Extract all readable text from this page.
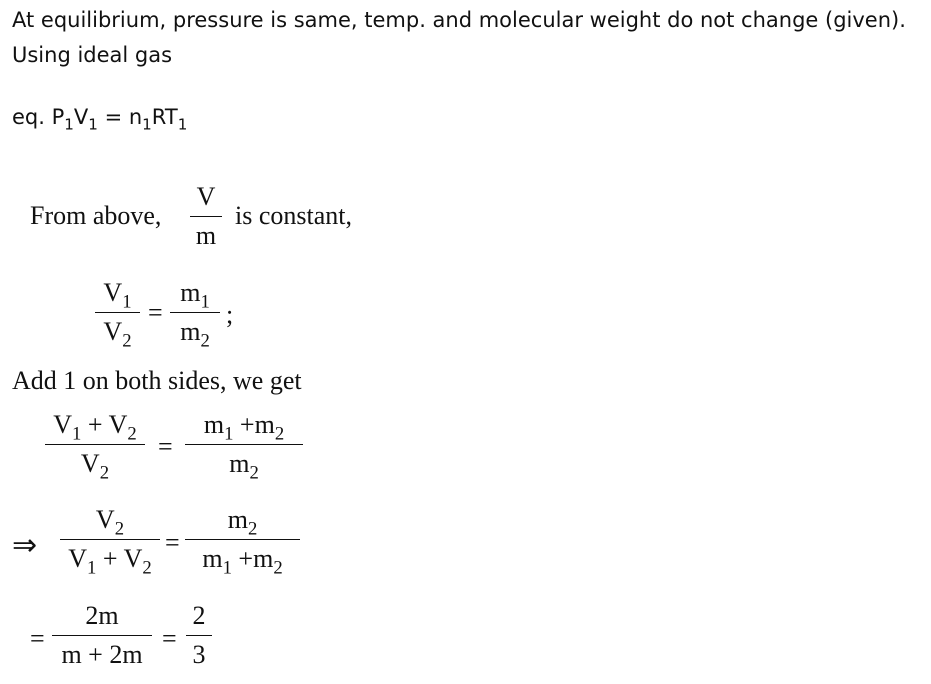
At equilibrium, pressure is same, temp. and molecular weight do not change (given).
Using ideal gas
eq. $P_1V_1 = n_1RT_1$
From above,
V
m
is constant,
$V_1$
$V_2$
=
$m_1$
$m_2$
;
Add 1 on both sides, we get
$V_1 + V_2$
$V_2$
=
$m_1 +m_2$
$m_2$
⇒
$V_2$
$V_1 + V_2$
=
$m_2$
$m_1 +m_2$
=
2m
m + 2m
=
2
3
